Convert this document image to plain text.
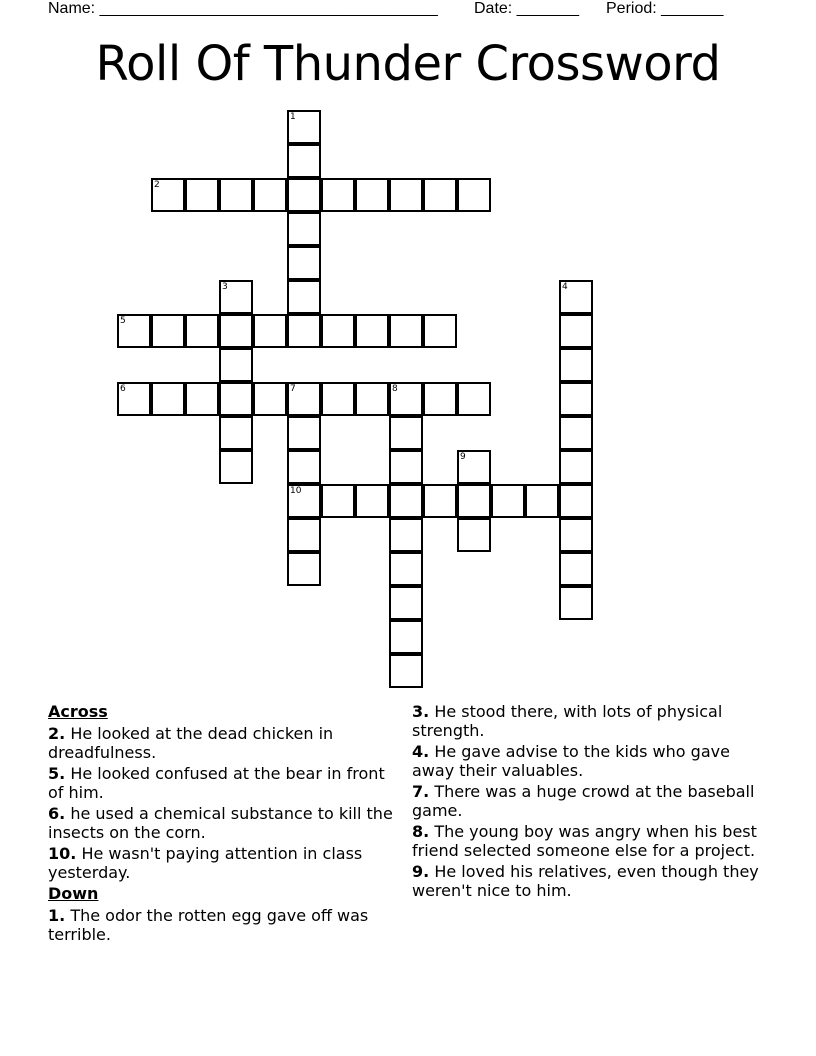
Name: ______________________________________ Date: _______ Period: _______
Roll Of Thunder Crossword
1
2
3	4
5
6	7	8
10
9
Across
2. He looked at the dead chicken in dreadfulness.
5. He looked confused at the bear in front of him.
6. he used a chemical substance to kill the insects on the corn.
10. He wasn't paying attention in class yesterday.
Down
1. The odor the rotten egg gave off was terrible.
3. He stood there, with lots of physical strength.
4. He gave advise to the kids who gave away their valuables.
7. There was a huge crowd at the baseball game.
8. The young boy was angry when his best friend selected someone else for a project.
9. He loved his relatives, even though they weren't nice to him.
